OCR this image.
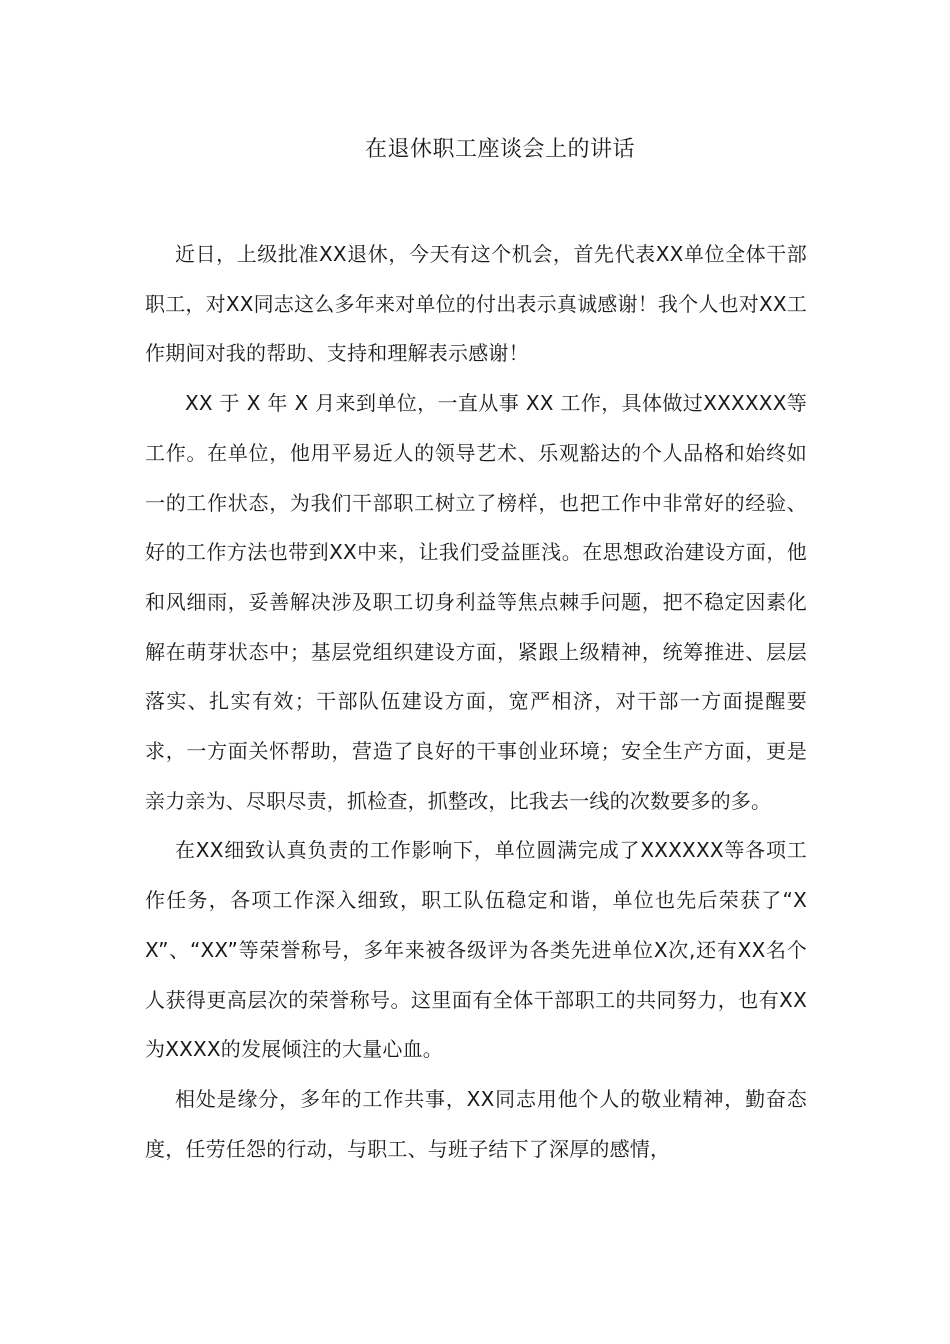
在退休职工座谈会上的讲话

近日，上级批准XX退休，今天有这个机会，首先代表XX单位全体干部职工，对XX同志这么多年来对单位的付出表示真诚感谢！我个人也对XX工作期间对我的帮助、支持和理解表示感谢！

XX 于 X 年 X 月来到单位，一直从事 XX 工作，具体做过XXXXXX等工作。在单位，他用平易近人的领导艺术、乐观豁达的个人品格和始终如一的工作状态，为我们干部职工树立了榜样，也把工作中非常好的经验、好的工作方法也带到XX中来，让我们受益匪浅。在思想政治建设方面，他和风细雨，妥善解决涉及职工切身利益等焦点棘手问题，把不稳定因素化解在萌芽状态中；基层党组织建设方面，紧跟上级精神，统筹推进、层层落实、扎实有效；干部队伍建设方面，宽严相济，对干部一方面提醒要求，一方面关怀帮助，营造了良好的干事创业环境；安全生产方面，更是亲力亲为、尽职尽责，抓检查，抓整改，比我去一线的次数要多的多。

在XX细致认真负责的工作影响下，单位圆满完成了XXXXXX等各项工作任务，各项工作深入细致，职工队伍稳定和谐，单位也先后荣获了“XX”、“XX”等荣誉称号，多年来被各级评为各类先进单位X次,还有XX名个人获得更高层次的荣誉称号。这里面有全体干部职工的共同努力，也有XX为XXXX的发展倾注的大量心血。

相处是缘分，多年的工作共事，XX同志用他个人的敬业精神，勤奋态度，任劳任怨的行动，与职工、与班子结下了深厚的感情，
